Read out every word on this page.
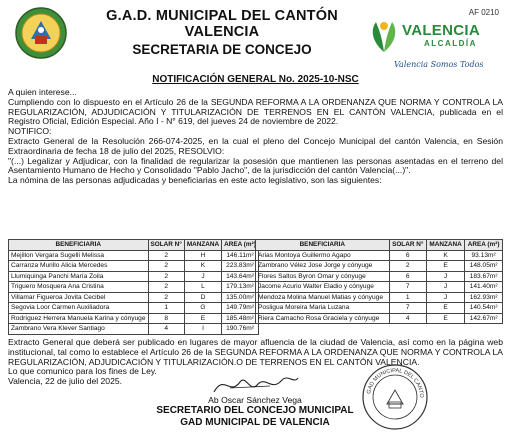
AF 0210
G.A.D. MUNICIPAL DEL CANTÓN VALENCIA
SECRETARIA DE CONCEJO
VALENCIA
ALCALDÍA
Valencia Somos Todos
NOTIFICACIÓN GENERAL No. 2025-10-NSC

A quien interese...

Cumpliendo con lo dispuesto en el Artículo 26 de la SEGUNDA REFORMA A LA ORDENANZA QUE NORMA Y CONTROLA LA REGULARIZACIÓN, ADJUDICACIÓN Y TITULARIZACIÓN DE TERRENOS EN EL CANTÓN VALENCIA, publicada en el Registro Oficial, Edición Especial. Año I - N° 619, del jueves 24 de noviembre de 2022.

NOTIFICO:

Extracto General de la Resolución 266-074-2025, en la cual el pleno del Concejo Municipal del cantón Valencia, en Sesión Extraordinaria de fecha 18 de julio del 2025, RESOLVIO:

"(...) Legalizar y Adjudicar, con la finalidad de regularizar la posesión que mantienen las personas asentadas en el terreno del Asentamiento Humano de Hecho y Consolidado "Pablo Jacho", de la jurisdicción del cantón Valencia(...)".

La nómina de las personas adjudicadas y beneficiarias en este acto legislativo, son las siguientes:

BENEFICIARIA	SOLAR N°	MANZANA	AREA (m²)
Mejillon Vergara Sugelli Melissa	2	H	146.11m²
Carranza Murillo Alicia Mercedes	2	K	223.83m²
Llumiquinga Panchi María Zoila	2	J	143.64m²
Triguero Mosquera Ana Cristina	2	L	179.13m²
Villamar Figueroa Jovita Cecibel	2	D	135.00m²
Segovia Loor Carmen Auxiliadora	1	G	149.79m²
Rodríguez Herrera Manuela Karina y cónyuge	8	E	185.48m²
Zambrano Vera Klever Santiago	4	I	190.76m²
BENEFICIARIA	SOLAR N°	MANZANA	AREA (m²)
Arias Montoya Guillermo Agapo	6	K	93.13m²
Zambrano Vélez Jose Jorge y cónyuge	2	E	148.05m²
Flores Saltos Byron Omar y cónyuge	6	J	183.67m²
Jacome Acurio Walter Eladio y cónyuge	7	J	141.40m²
Mendoza Molina Manuel Matias y cónyuge	1	J	162.93m²
Posligua Moreira Maria Luzana	7	E	140.54m²
Riera Camacho Rosa Graciela y cónyuge	4	E	142.67m²

Extracto General que deberá ser publicado en lugares de mayor afluencia de la ciudad de Valencia, así como en la página web institucional, tal como lo establece el Artículo 26 de la SEGUNDA REFORMA A LA ORDENANZA QUE NORMA Y CONTROLA LA REGULARIZACIÓN, ADJUDICACIÓN Y TITULARIZACIÓN.O DE TERRENOS EN EL CANTÓN VALENCIA.

Lo que comunico para los fines de Ley.

Valencia, 22 de julio del 2025.

Ab Oscar Sánchez Vega
SECRETARIO DEL CONCEJO MUNICIPAL
GAD MUNICIPAL DE VALENCIA
GAD MUNICIPAL DEL CANTO
